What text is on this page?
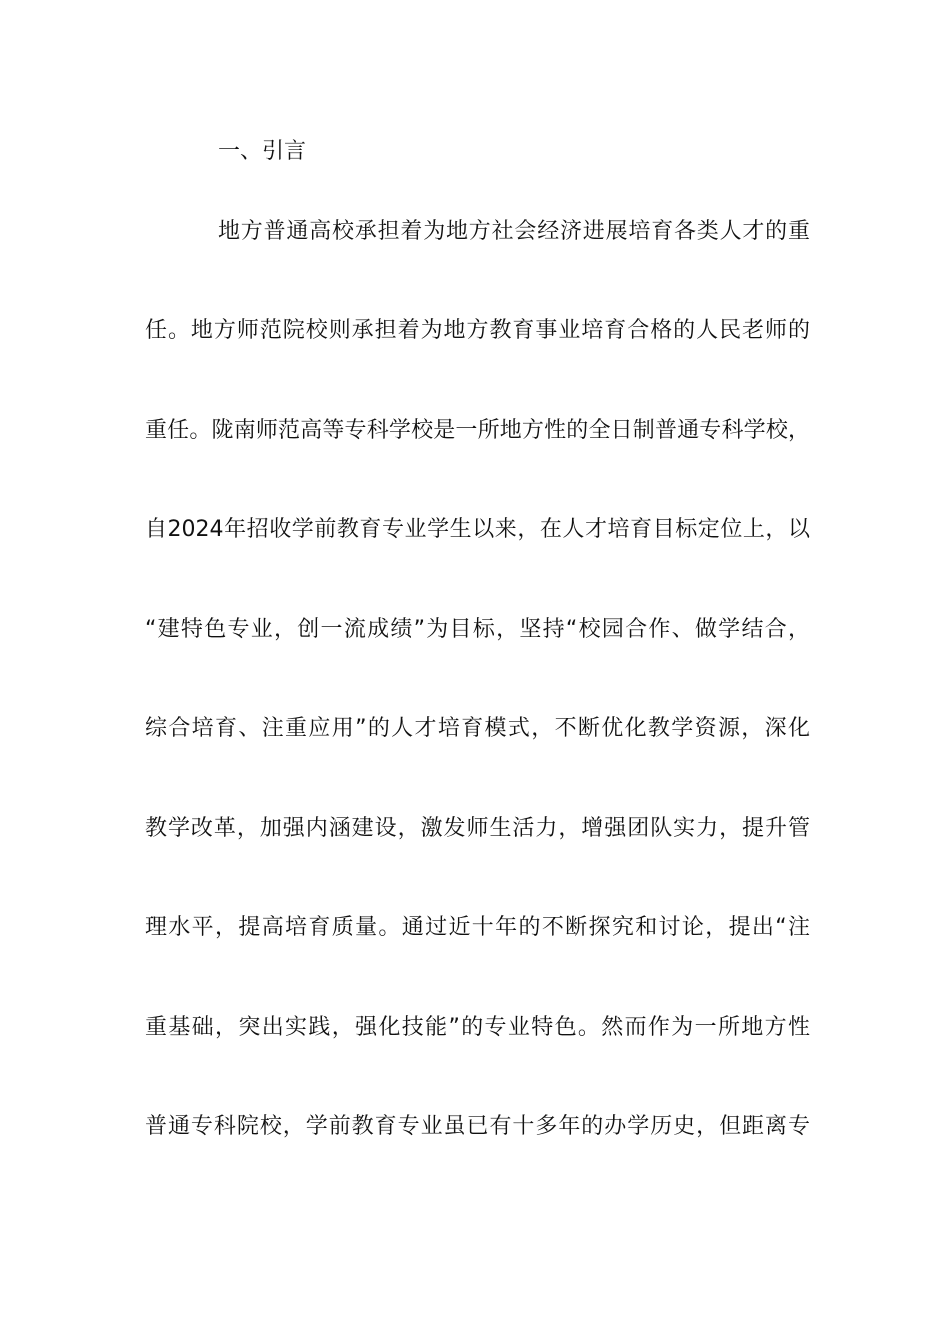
一、引言
地方普通高校承担着为地方社会经济进展培育各类人才的重
任。地方师范院校则承担着为地方教育事业培育合格的人民老师的
重任。陇南师范高等专科学校是一所地方性的全日制普通专科学校，
自2024年招收学前教育专业学生以来，在人才培育目标定位上，以
“建特色专业，创一流成绩”为目标，坚持“校园合作、做学结合，
综合培育、注重应用”的人才培育模式，不断优化教学资源，深化
教学改革，加强内涵建设，激发师生活力，增强团队实力，提升管
理水平，提高培育质量。通过近十年的不断探究和讨论，提出“注
重基础，突出实践，强化技能”的专业特色。然而作为一所地方性
普通专科院校，学前教育专业虽已有十多年的办学历史，但距离专
